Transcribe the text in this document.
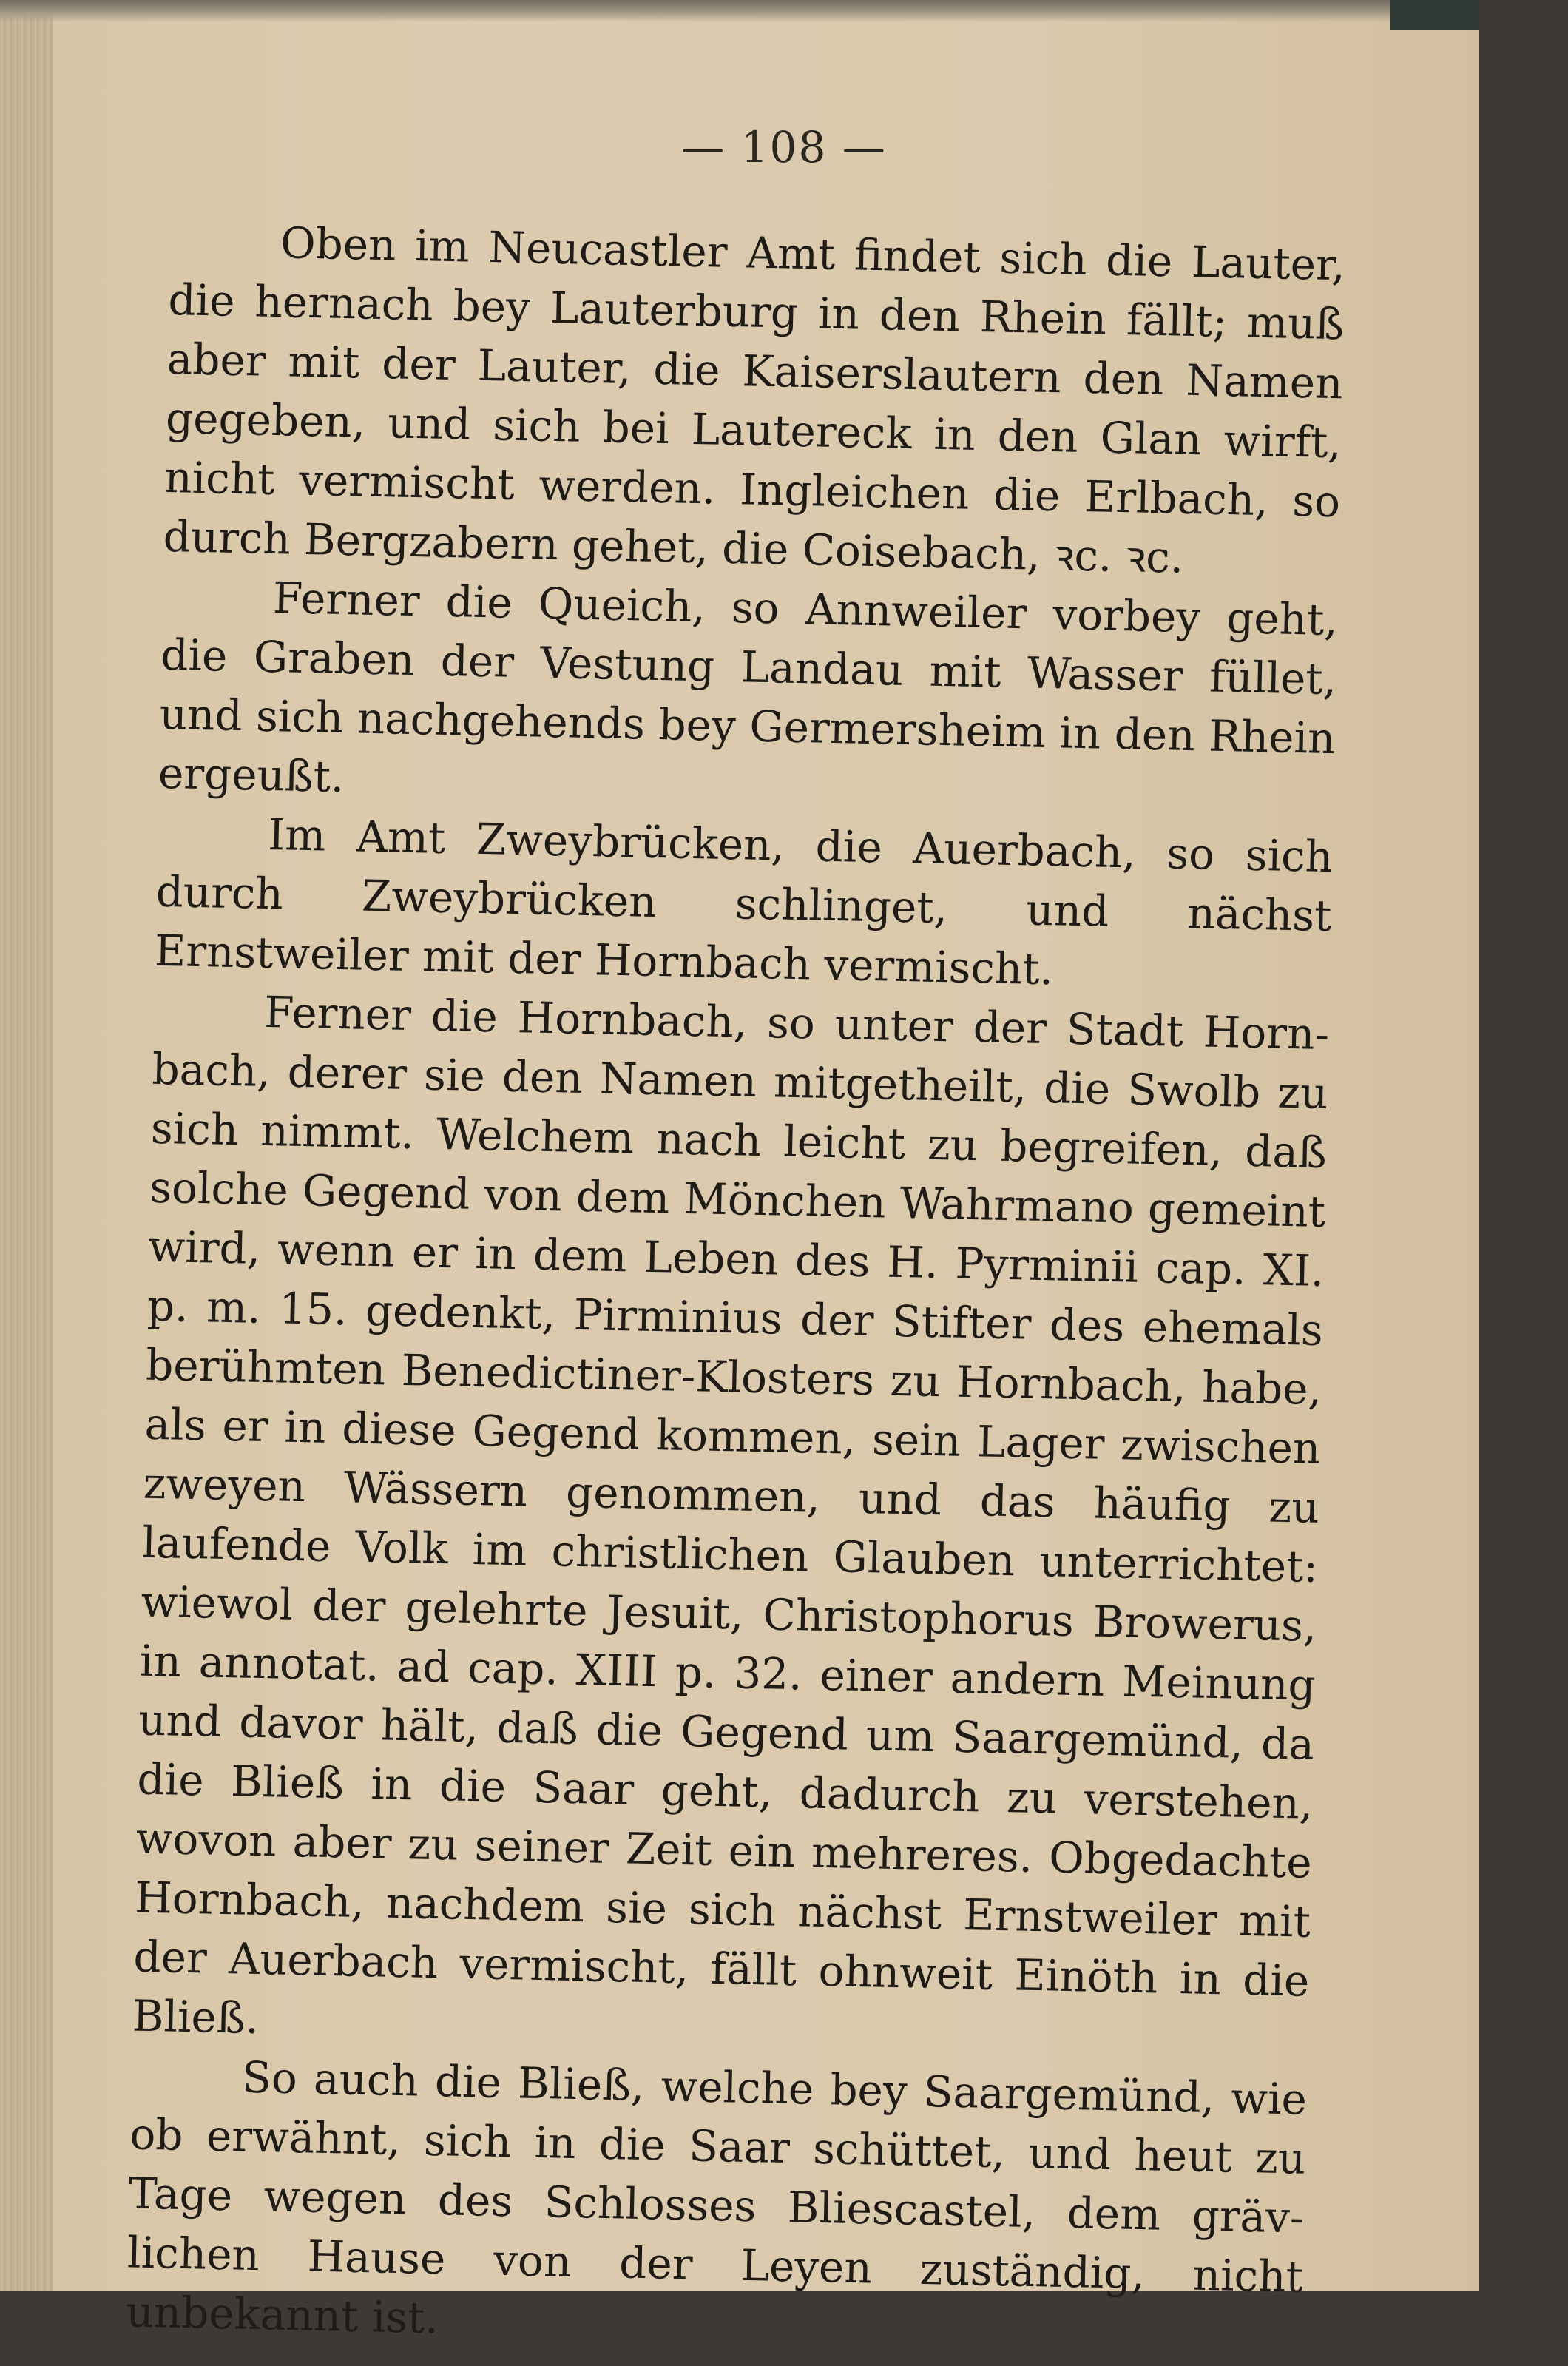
— 108 —

Oben im Neucastler Amt findet sich die Lauter, die hernach bey Lauterburg in den Rhein fällt; muß aber mit der Lauter, die Kaiserslautern den Namen gegeben, und sich bei Lautereck in den Glan wirft, nicht vermischt werden. Ingleichen die Erlbach, so durch Bergzabern gehet, die Coisebach, ꝛc. ꝛc.

Ferner die Queich, so Annweiler vorbey geht, die Graben der Vestung Landau mit Wasser füllet, und sich nachgehends bey Germersheim in den Rhein ergeußt.

Im Amt Zweybrücken, die Auerbach, so sich durch Zweybrücken schlinget, und nächst Ernstweiler mit der Hornbach vermischt.

Ferner die Hornbach, so unter der Stadt Hornbach, derer sie den Namen mitgetheilt, die Swolb zu sich nimmt. Welchem nach leicht zu begreifen, daß solche Gegend von dem Mönchen Wahrmano gemeint wird, wenn er in dem Leben des H. Pyrminii cap. XI. p. m. 15. gedenkt, Pirminius der Stifter des ehemals berühmten Benedictiner-Klosters zu Hornbach, habe, als er in diese Gegend kommen, sein Lager zwischen zweyen Wässern genommen, und das häufig zu laufende Volk im christlichen Glauben unterrichtet: wiewol der gelehrte Jesuit, Christophorus Browerus, in annotat. ad cap. XIII p. 32. einer andern Meinung und davor hält, daß die Gegend um Saargemünd, da die Bließ in die Saar geht, dadurch zu verstehen, wovon aber zu seiner Zeit ein mehreres. Obgedachte Hornbach, nachdem sie sich nächst Ernstweiler mit der Auerbach vermischt, fällt ohnweit Einöth in die Bließ.

So auch die Bließ, welche bey Saargemünd, wie ob erwähnt, sich in die Saar schüttet, und heut zu Tage wegen des Schlosses Bliescastel, dem grävlichen Hause von der Leyen zuständig, nicht unbekannt ist.
